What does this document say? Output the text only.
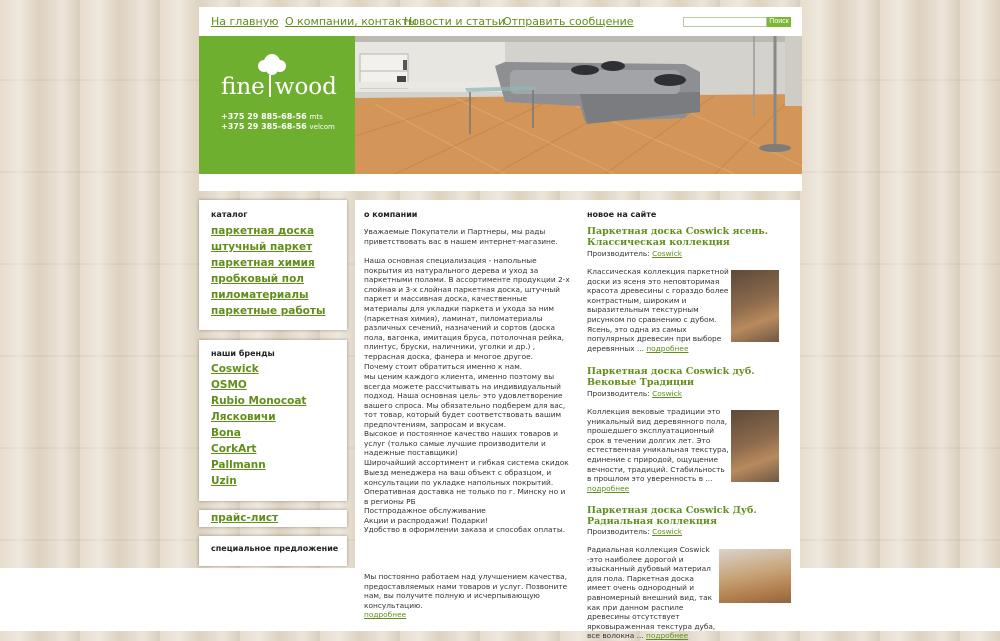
На главную О компании, контакты
Новости и статьи
Отправить сообщение	Поиск
fine wood
+375 29 885-68-56 mts
+375 29 385-68-56 velcom
каталог
паркетная доска
штучный паркет
паркетная химия
пробковый пол
пиломатериалы
паркетные работы
наши бренды
Coswick
OSMO
Rubio Monocoat
Лясковичи
Bona
CorkArt
Pallmann
Uzin
прайс-лист
специальное предложение
о компании

Уважаемые Покупатели и Партнеры, мы рады приветствовать вас в нашем интернет-магазине.

Наша основная специализация - напольные покрытия из натурального дерева и уход за паркетными полами. В ассортименте продукции 2-х слойная и 3-х слойная паркетная доска, штучный паркет и массивная доска, качественные материалы для укладки паркета и уходa за ним (паркетная химия), ламинат, пиломатериалы различных сечений, назначений и сортов (доска пола, вагонка, имитация бруса, потолочная рейка, плинтус, бруски, наличники, уголки и др.) , террасная доска, фанера и многое другое.

Почему стоит обратиться именно к нам.

мы ценим каждого клиента, именно поэтому вы всегда можете рассчитывать на индивидуальный подход. Наша основная цель- это удовлетворение вашего спроса. Мы обязательно подберем для вас, тот товар, который будет соответствовать вашим предпочтениям, запросам и вкусам.

Высокое и постоянное качество наших товаров и услуг (только самые лучшие производители и надежные поставщики)

Широчайший ассортимент и гибкая система скидок

Выезд менеджера на ваш объект с образцом, и консультации по укладке напольных покрытий.

Оперативная доставка не только по г. Минску но и в регионы РБ

Постпродажное обслуживание

Акции и распродажи! Подарки!

Удобство в оформлении заказа и способах оплаты.

Мы постоянно работаем над улучшением качества, предоставляемых нами товаров и услуг. Позвоните нам, вы получите полную и исчерпывающую консультацию.
подробнее

новое на сайте

Паркетная доска Coswick ясень. Классическая коллекция

Производитель: Coswick

Классическая коллекция паркетной доски из ясеня это неповторимая красота древесины с гораздо более контрастным, широким и выразительным текстурным рисунком по сравнению с дубом. Ясень, это одна из самых популярных древесин при выборе деревянных ... подробнее

Паркетная доска Coswick дуб. Вековые Традиции

Производитель: Coswick

Коллекция вековые традиции это уникальный вид деревянного пола, прошедшего эксплуатационный срок в течении долгих лет. Это естественная уникальная текстура, единение с природой, ощущение вечности, традиций. Стабильность в прошлом это уверенность в ... подробнее

Паркетная доска Coswick Дуб. Радиальная коллекция

Производитель: Coswick

Радиальная коллекция Coswick -это наиболее дорогой и изысканный дубовый материал для пола. Паркетная доска имеет очень однородный и равномерный внешний вид, так как при данном распиле древесины отсутствует ярковыраженная текстура дуба, все волокна ... подробнее
